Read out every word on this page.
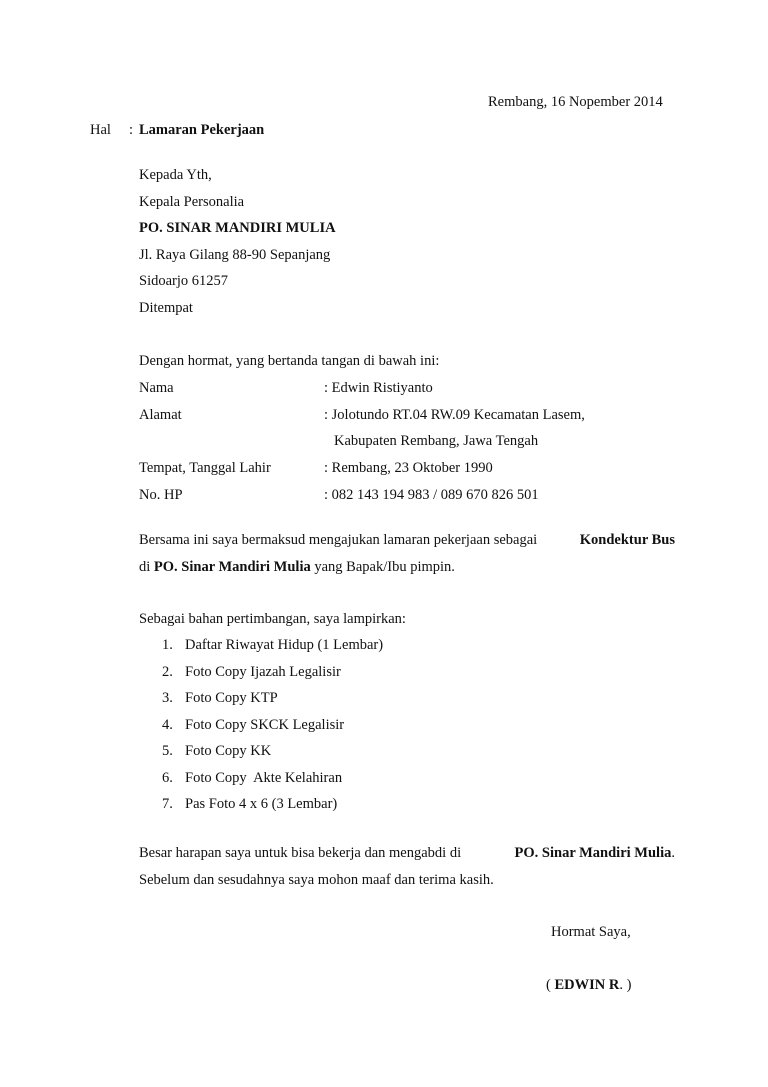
Rembang, 16 Nopember 2014
Hal : Lamaran Pekerjaan
Kepada Yth,
Kepala Personalia
PO. SINAR MANDIRI MULIA
Jl. Raya Gilang 88-90 Sepanjang
Sidoarjo 61257
Ditempat
Dengan hormat, yang bertanda tangan di bawah ini:
Nama	: Edwin Ristiyanto
Alamat	: Jolotundo RT.04 RW.09 Kecamatan Lasem,
Kabupaten Rembang, Jawa Tengah
Tempat, Tanggal Lahir	: Rembang, 23 Oktober 1990
No. HP	: 082 143 194 983 / 089 670 826 501
Bersama ini saya bermaksud mengajukan lamaran pekerjaan sebagai	Kondektur Bus
di PO. Sinar Mandiri Mulia yang Bapak/Ibu pimpin.
Sebagai bahan pertimbangan, saya lampirkan:
1. Daftar Riwayat Hidup (1 Lembar)
2. Foto Copy Ijazah Legalisir
3. Foto Copy KTP
4. Foto Copy SKCK Legalisir
5. Foto Copy KK
6. Foto Copy  Akte Kelahiran
7. Pas Foto 4 x 6 (3 Lembar)
Besar harapan saya untuk bisa bekerja dan mengabdi di	PO. Sinar Mandiri Mulia.
Sebelum dan sesudahnya saya mohon maaf dan terima kasih.
Hormat Saya,
( EDWIN R. )
